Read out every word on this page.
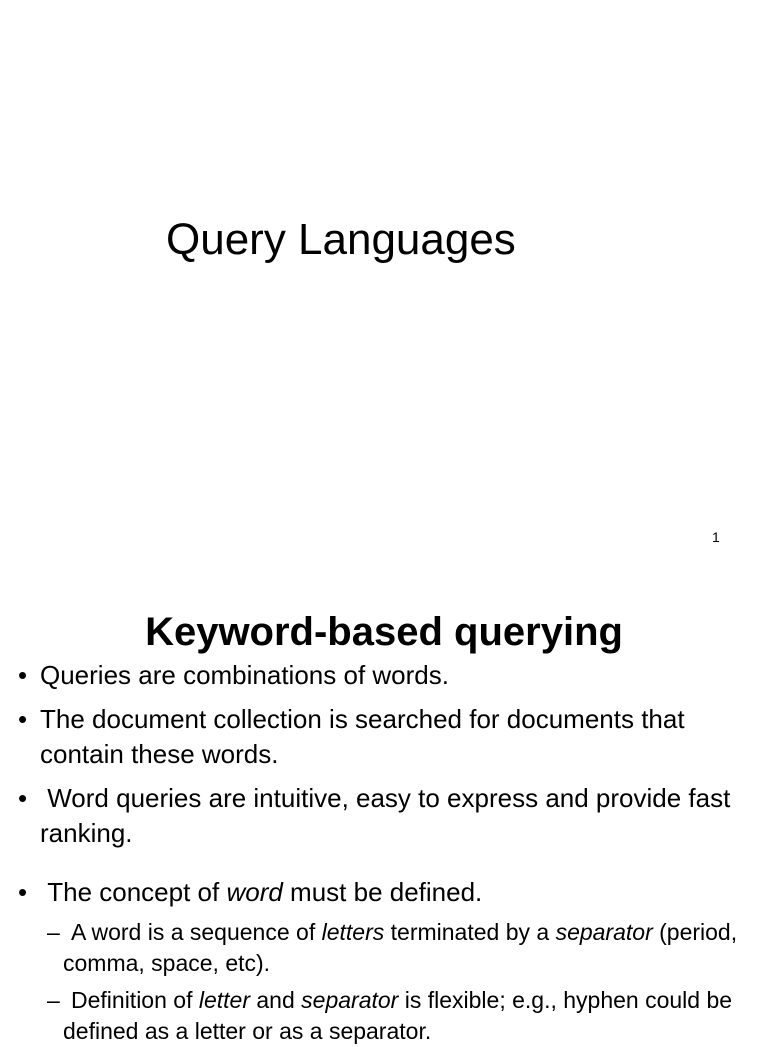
Query Languages
1
Keyword-based querying
• Queries are combinations of words.
• The document collection is searched for documents that contain these words.
• Word queries are intuitive, easy to express and provide fast ranking.
• The concept of word must be defined.
– A word is a sequence of letters terminated by a separator (period, comma, space, etc).
– Definition of letter and separator is flexible; e.g., hyphen could be defined as a letter or as a separator.
